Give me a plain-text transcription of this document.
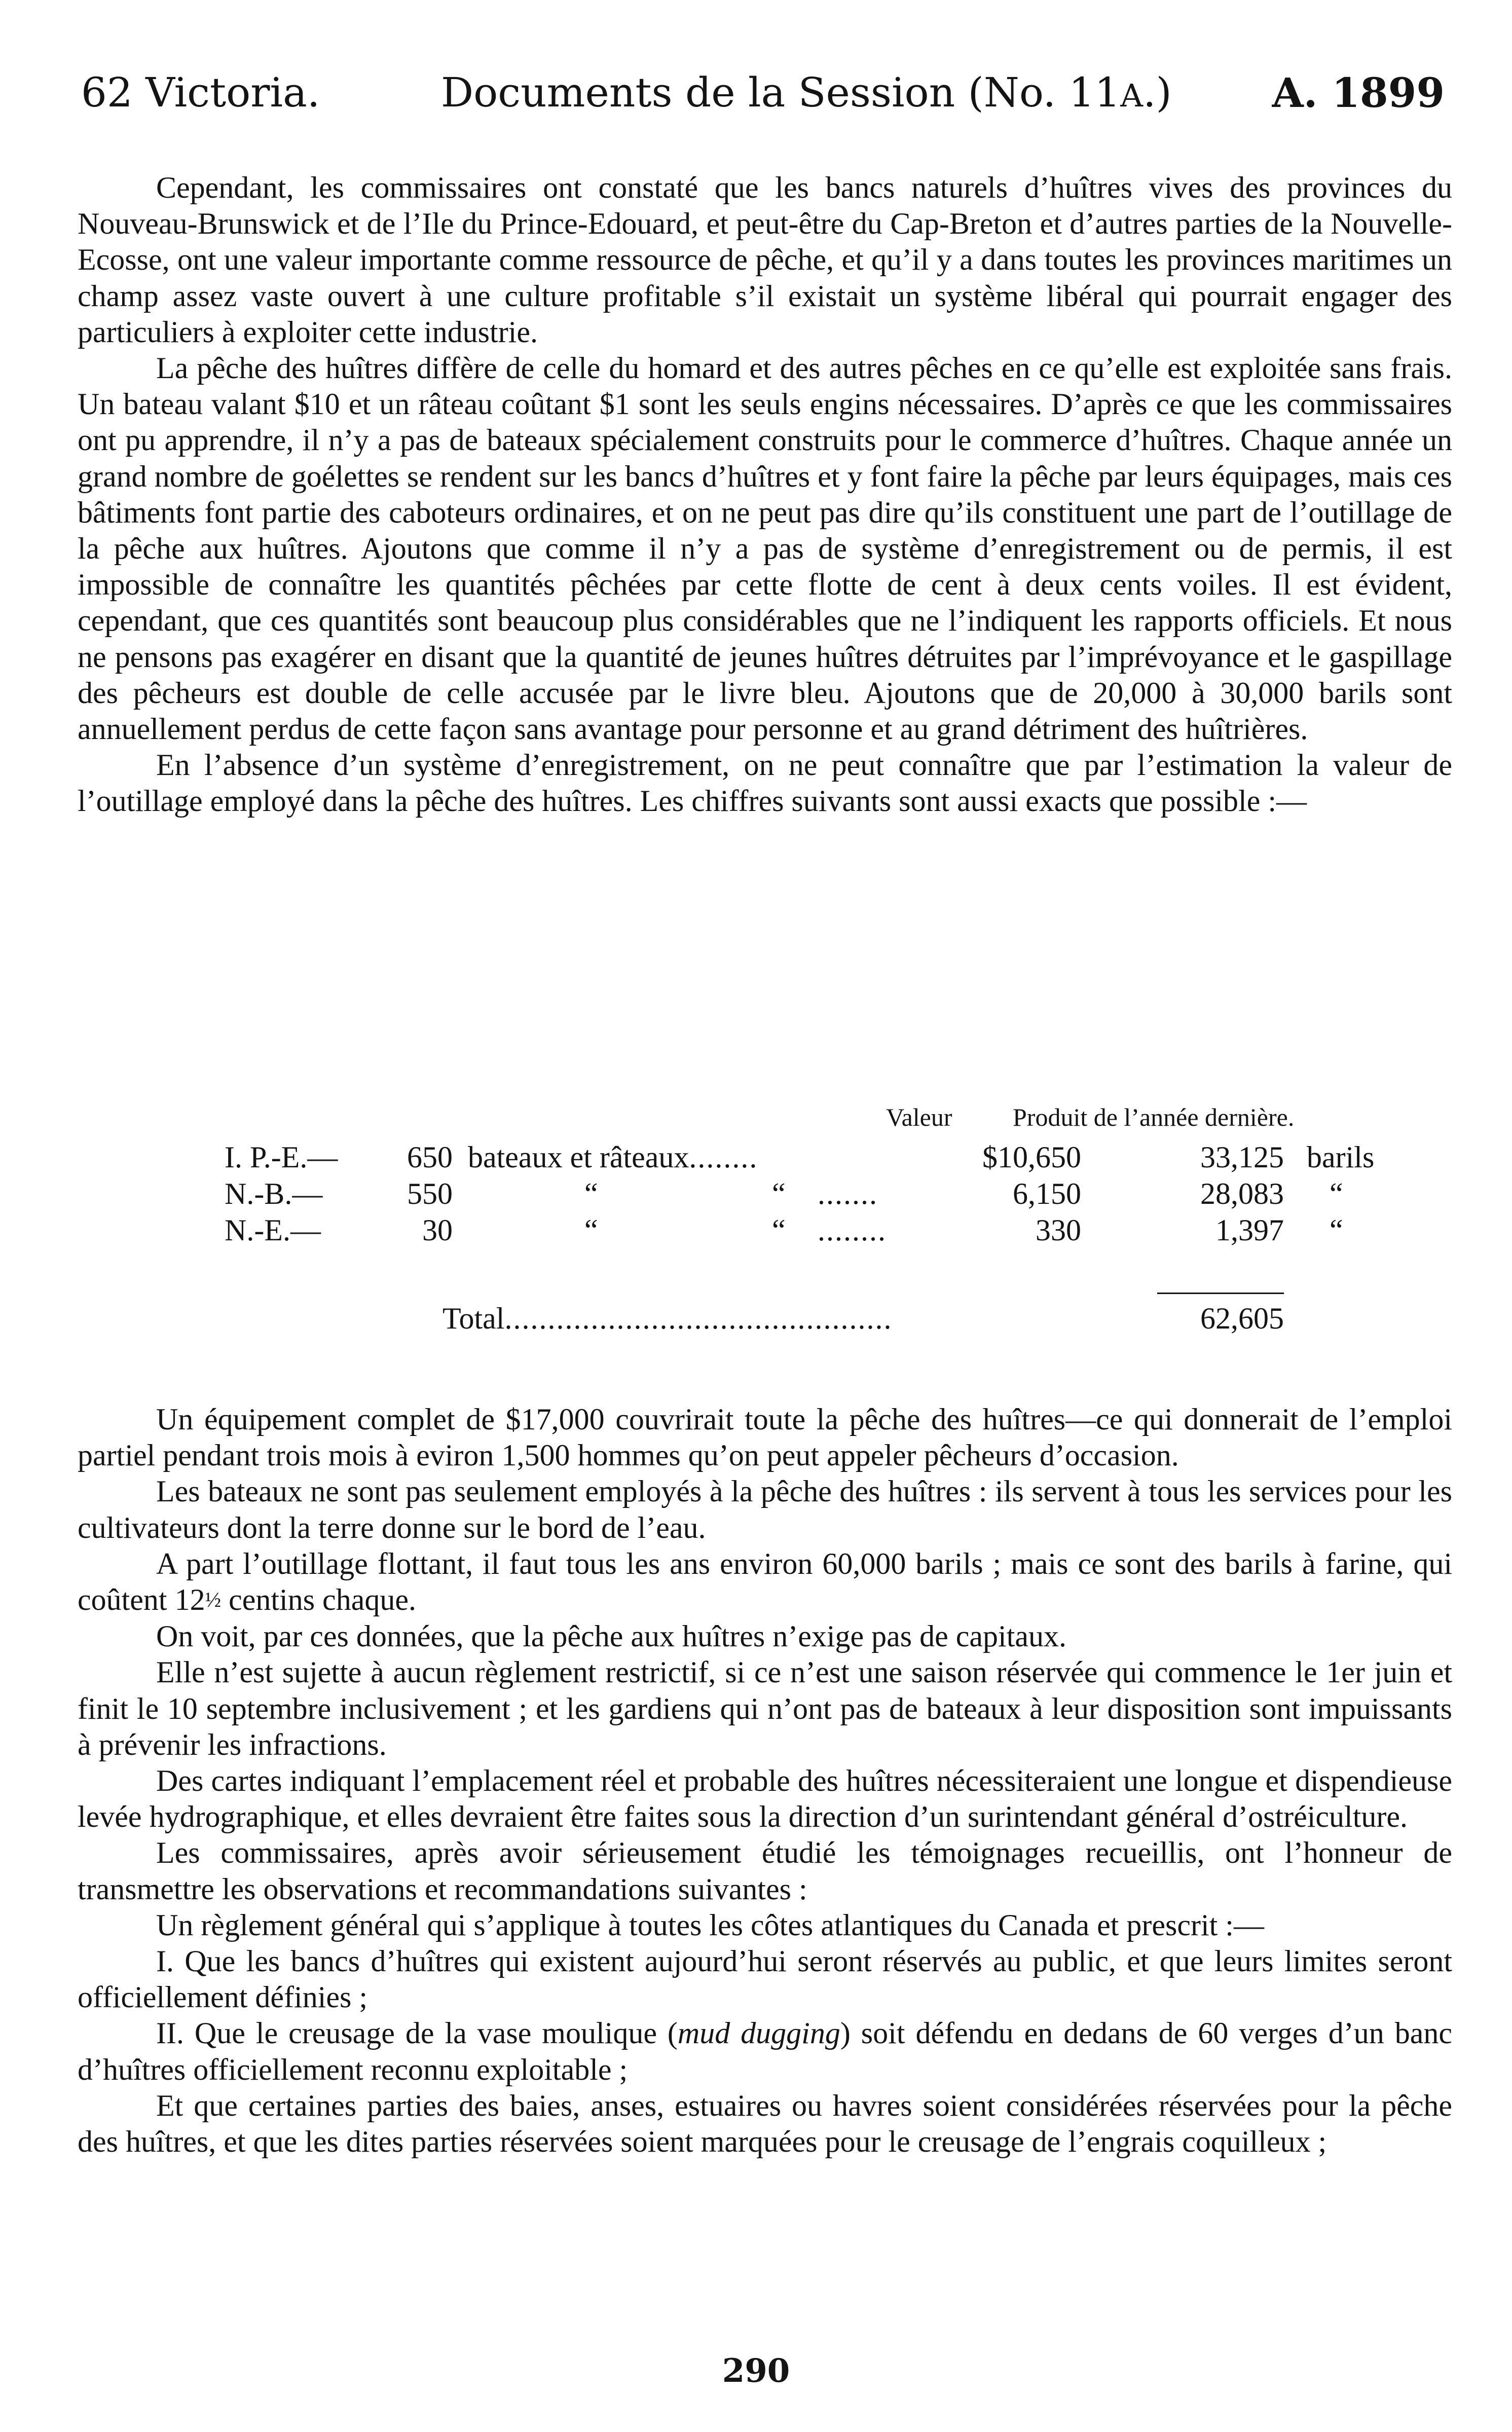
62 Victoria.	Documents de la Session (No. 11A.) A. 1899

Cependant, les commissaires ont constaté que les bancs naturels d’huîtres vives des provinces du Nouveau-Brunswick et de l’Ile du Prince-Edouard, et peut-être du Cap-Breton et d’autres parties de la Nouvelle-Ecosse, ont une valeur importante comme ressource de pêche, et qu’il y a dans toutes les provinces maritimes un champ assez vaste ouvert à une culture profitable s’il existait un système libéral qui pourrait engager des particuliers à exploiter cette industrie.

La pêche des huîtres diffère de celle du homard et des autres pêches en ce qu’elle est exploitée sans frais. Un bateau valant $10 et un râteau coûtant $1 sont les seuls engins nécessaires. D’après ce que les commissaires ont pu apprendre, il n’y a pas de bateaux spécialement construits pour le commerce d’huîtres. Chaque année un grand nombre de goélettes se rendent sur les bancs d’huîtres et y font faire la pêche par leurs équipages, mais ces bâtiments font partie des caboteurs ordinaires, et on ne peut pas dire qu’ils constituent une part de l’outillage de la pêche aux huîtres. Ajoutons que comme il n’y a pas de système d’enregistrement ou de permis, il est impossible de connaître les quantités pêchées par cette flotte de cent à deux cents voiles. Il est évident, cependant, que ces quantités sont beaucoup plus considérables que ne l’indiquent les rapports officiels. Et nous ne pensons pas exagérer en disant que la quantité de jeunes huîtres détruites par l’imprévoyance et le gaspillage des pêcheurs est double de celle accusée par le livre bleu. Ajoutons que de 20,000 à 30,000 barils sont annuellement perdus de cette façon sans avantage pour personne et au grand détriment des huîtrières.

En l’absence d’un système d’enregistrement, on ne peut connaître que par l’estimation la valeur de l’outillage employé dans la pêche des huîtres. Les chiffres suivants sont aussi exacts que possible :—

Valeur Produit de l’année dernière.
I. P.-E.—	650 bateaux et râteaux........	$10,650	33,125 barils
N.-B.—	550	“	“ .......	6,150	28,083 “
N.-E.—	30	“	“ ........	330	1,397 “
Total.............................................	62,605

Un équipement complet de $17,000 couvrirait toute la pêche des huîtres—ce qui donnerait de l’emploi partiel pendant trois mois à eviron 1,500 hommes qu’on peut appeler pêcheurs d’occasion.

Les bateaux ne sont pas seulement employés à la pêche des huîtres : ils servent à tous les services pour les cultivateurs dont la terre donne sur le bord de l’eau.

A part l’outillage flottant, il faut tous les ans environ 60,000 barils ; mais ce sont des barils à farine, qui coûtent 12½ centins chaque.

On voit, par ces données, que la pêche aux huîtres n’exige pas de capitaux.

Elle n’est sujette à aucun règlement restrictif, si ce n’est une saison réservée qui commence le 1er juin et finit le 10 septembre inclusivement ; et les gardiens qui n’ont pas de bateaux à leur disposition sont impuissants à prévenir les infractions.

Des cartes indiquant l’emplacement réel et probable des huîtres nécessiteraient une longue et dispendieuse levée hydrographique, et elles devraient être faites sous la direction d’un surintendant général d’ostréiculture.

Les commissaires, après avoir sérieusement étudié les témoignages recueillis, ont l’honneur de transmettre les observations et recommandations suivantes :

Un règlement général qui s’applique à toutes les côtes atlantiques du Canada et prescrit :—

I. Que les bancs d’huîtres qui existent aujourd’hui seront réservés au public, et que leurs limites seront officiellement définies ;

II. Que le creusage de la vase moulique (mud dugging) soit défendu en dedans de 60 verges d’un banc d’huîtres officiellement reconnu exploitable ;

Et que certaines parties des baies, anses, estuaires ou havres soient considérées réservées pour la pêche des huîtres, et que les dites parties réservées soient marquées pour le creusage de l’engrais coquilleux ;

290
